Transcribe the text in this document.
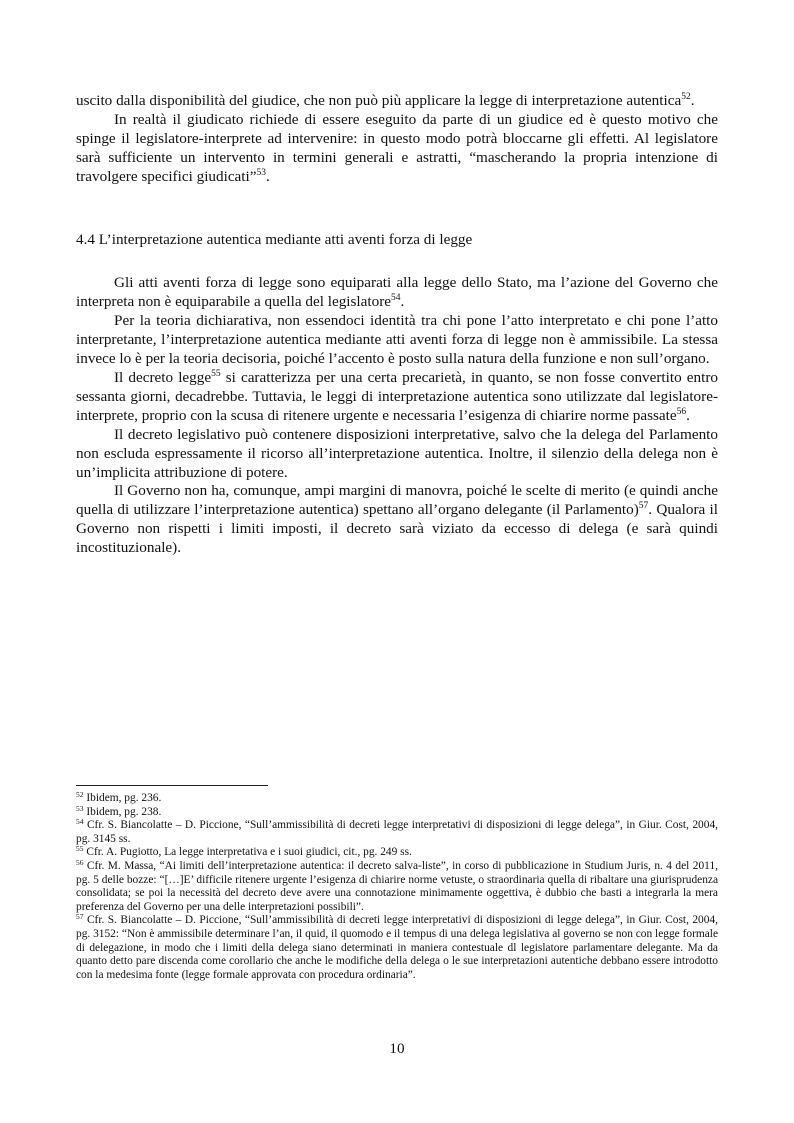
uscito dalla disponibilità del giudice, che non può più applicare la legge di interpretazione autentica$^{52}$.

In realtà il giudicato richiede di essere eseguito da parte di un giudice ed è questo motivo che spinge il legislatore-interprete ad intervenire: in questo modo potrà bloccarne gli effetti. Al legislatore sarà sufficiente un intervento in termini generali e astratti, “mascherando la propria intenzione di travolgere specifici giudicati”$^{53}$.

4.4 L’interpretazione autentica mediante atti aventi forza di legge

Gli atti aventi forza di legge sono equiparati alla legge dello Stato, ma l’azione del Governo che interpreta non è equiparabile a quella del legislatore$^{54}$.

Per la teoria dichiarativa, non essendoci identità tra chi pone l’atto interpretato e chi pone l’atto interpretante, l’interpretazione autentica mediante atti aventi forza di legge non è ammissibile. La stessa invece lo è per la teoria decisoria, poiché l’accento è posto sulla natura della funzione e non sull’organo.

Il decreto legge$^{55}$ si caratterizza per una certa precarietà, in quanto, se non fosse convertito entro sessanta giorni, decadrebbe. Tuttavia, le leggi di interpretazione autentica sono utilizzate dal legislatore-interprete, proprio con la scusa di ritenere urgente e necessaria l’esigenza di chiarire norme passate$^{56}$.

Il decreto legislativo può contenere disposizioni interpretative, salvo che la delega del Parlamento non escluda espressamente il ricorso all’interpretazione autentica. Inoltre, il silenzio della delega non è un’implicita attribuzione di potere.

Il Governo non ha, comunque, ampi margini di manovra, poiché le scelte di merito (e quindi anche quella di utilizzare l’interpretazione autentica) spettano all’organo delegante (il Parlamento)$^{57}$. Qualora il Governo non rispetti i limiti imposti, il decreto sarà viziato da eccesso di delega (e sarà quindi incostituzionale).

$^{52}$ Ibidem, pg. 236.

$^{53}$ Ibidem, pg. 238.

$^{54}$ Cfr. S. Biancolatte – D. Piccione, “Sull’ammissibilità di decreti legge interpretativi di disposizioni di legge delega”, in Giur. Cost, 2004, pg. 3145 ss.

$^{55}$ Cfr. A. Pugiotto, La legge interpretativa e i suoi giudici, cit., pg. 249 ss.

$^{56}$ Cfr. M. Massa, “Ai limiti dell’interpretazione autentica: il decreto salva-liste”, in corso di pubblicazione in Studium Juris, n. 4 del 2011, pg. 5 delle bozze: “[…]E’ difficile ritenere urgente l’esigenza di chiarire norme vetuste, o straordinaria quella di ribaltare una giurisprudenza consolidata; se poi la necessità del decreto deve avere una connotazione minimamente oggettiva, è dubbio che basti a integrarla la mera preferenza del Governo per una delle interpretazioni possibili”.

$^{57}$ Cfr. S. Biancolatte – D. Piccione, “Sull’ammissibilità di decreti legge interpretativi di disposizioni di legge delega”, in Giur. Cost, 2004, pg. 3152: “Non è ammissibile determinare l’an, il quid, il quomodo e il tempus di una delega legislativa al governo se non con legge formale di delegazione, in modo che i limiti della delega siano determinati in maniera contestuale dl legislatore parlamentare delegante. Ma da quanto detto pare discenda come corollario che anche le modifiche della delega o le sue interpretazioni autentiche debbano essere introdotto con la medesima fonte (legge formale approvata con procedura ordinaria”.

10
